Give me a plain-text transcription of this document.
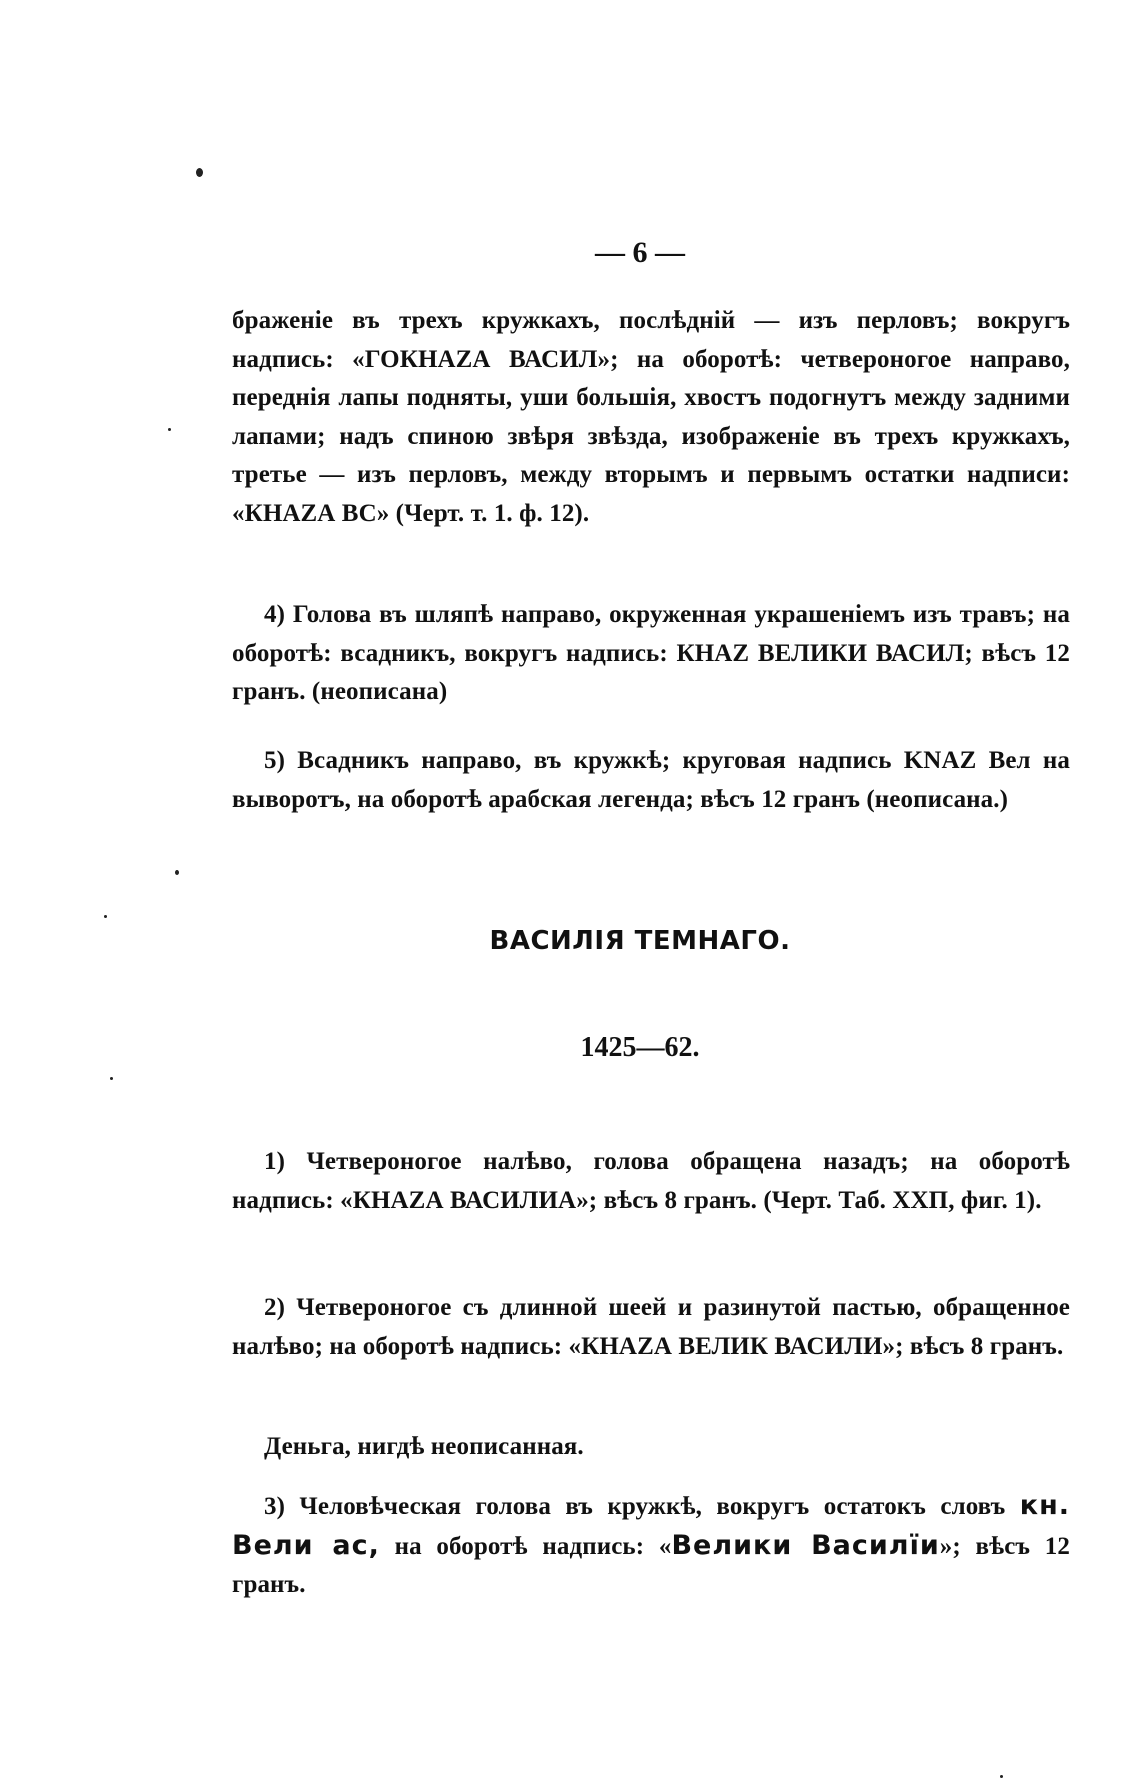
— 6 —
браженіе въ трехъ кружкахъ, послѣдній — изъ перловъ; вокругъ надпись: «ГОКНАZА ВАСИЛ»; на оборотѣ: четвероногое направо, переднія лапы подняты, уши большія, хвостъ подогнутъ между задними лапами; надъ спиною звѣря звѣзда, изображеніе въ трехъ кружкахъ, третье — изъ перловъ, между вторымъ и первымъ остатки надписи: «КНАZА ВС» (Черт. т. 1. ф. 12).
4) Голова въ шляпѣ направо, окруженная украшеніемъ изъ травъ; на оборотѣ: всадникъ, вокругъ надпись: КНАZ ВЕЛИКИ ВАСИЛ; вѣсъ 12 гранъ. (неописана)
5) Всадникъ направо, въ кружкѣ; круговая надпись KNAZ Вел на выворотъ, на оборотѣ арабская легенда; вѣсъ 12 гранъ (неописана.)
ВАСИЛІЯ ТЕМНАГО.
1425—62.
1) Четвероногое налѣво, голова обращена назадъ; на оборотѣ надпись: «КНАZА ВАСИЛИА»; вѣсъ 8 гранъ. (Черт. Таб. ХХП, фиг. 1).
2) Четвероногое съ длинной шеей и разинутой пастью, обращенное налѣво; на оборотѣ надпись: «КНАZА ВЕЛИК ВАСИЛИ»; вѣсъ 8 гранъ.
Деньга, нигдѣ неописанная.
3) Человѣческая голова въ кружкѣ, вокругъ остатокъ словъ кн. Вели ас, на оборотѣ надпись: «Велики Василїи»; вѣсъ 12 гранъ.
